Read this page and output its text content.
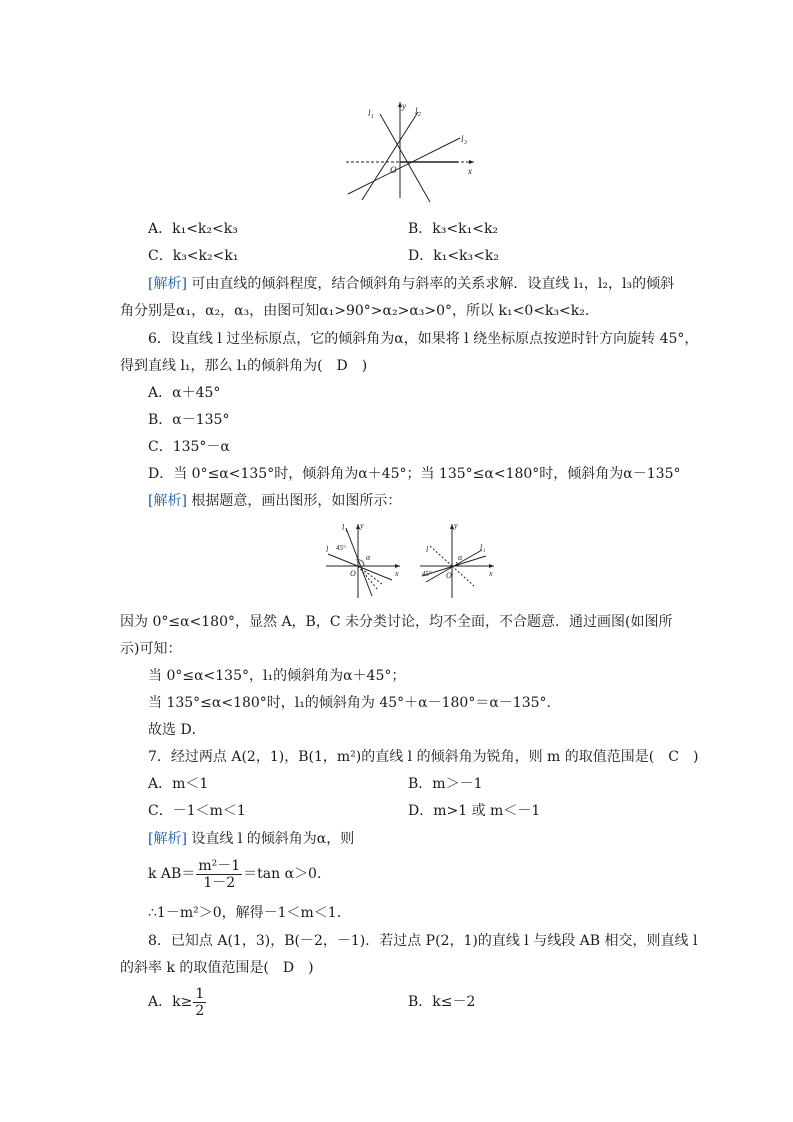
y
x
O
l 1
l 2
l 3
A．k₁<k₂<k₃	B．k₃<k₁<k₂
C．k₃<k₂<k₁	D．k₁<k₃<k₂
[解析] 可由直线的倾斜程度，结合倾斜角与斜率的关系求解．设直线 l₁，l₂，l₃的倾斜
角分别是α₁，α₂，α₃，由图可知α₁>90°>α₂>α₃>0°，所以 k₁<0<k₃<k₂.
6．设直线 l 过坐标原点，它的倾斜角为α，如果将 l 绕坐标原点按逆时针方向旋转 45°，
得到直线 l₁，那么 l₁的倾斜角为(　D　)
A．α＋45°
B．α－135°
C．135°－α
D．当 0°≤α<135°时，倾斜角为α＋45°；当 135°≤α<180°时，倾斜角为α－135°
[解析] 根据题意，画出图形，如图所示：
y
x
O
l 1
l 45°
α
y
x
O
l 1
l
45°
α
因为 0°≤α<180°，显然 A，B，C 未分类讨论，均不全面，不合题意．通过画图(如图所
示)可知：
当 0°≤α<135°，l₁的倾斜角为α＋45°；
当 135°≤α<180°时，l₁的倾斜角为 45°＋α－180°＝α－135°.
故选 D．
7．经过两点 A(2，1)，B(1，m²)的直线 l 的倾斜角为锐角，则 m 的取值范围是(　C　)
A．m＜1	B．m＞－1
C．－1＜m＜1	D．m>1 或 m＜－1
[解析] 设直线 l 的倾斜角为α，则
k $AB= \frac{\text{m²－1}}{1-2} =\tan$ α＞0.
∴1－m²＞0，解得－1＜m＜1.
8．已知点 A(1，3)，B(－2，－1)．若过点 P(2，1)的直线 l 与线段 AB 相交，则直线 l
的斜率 k 的取值范围是(　D　)
A．$k\ge \frac{1}{2}$	B．k≤－2
